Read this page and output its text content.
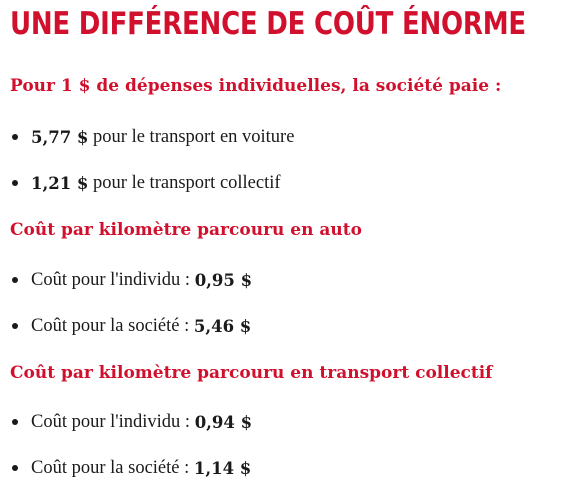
UNE DIFFÉRENCE DE COÛT ÉNORME
Pour 1 $ de dépenses individuelles, la société paie :
5,77 $
pour le transport en voiture
1,21 $
pour le transport collectif
Coût par kilomètre parcouru en auto
Coût pour l'individu :
0,95 $
Coût pour la société :
5,46 $
Coût par kilomètre parcouru en transport collectif
Coût pour l'individu :
0,94 $
Coût pour la société :
1,14 $
